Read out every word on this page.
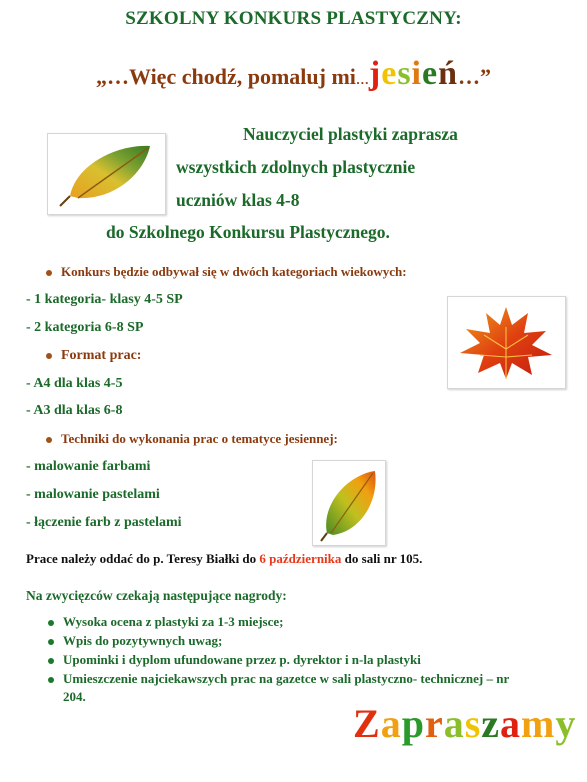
SZKOLNY KONKURS PLASTYCZNY:
„…Więc chodź, pomaluj mi…jesień…”
Nauczyciel plastyki zaprasza
wszystkich zdolnych plastycznie
uczniów klas 4-8
do Szkolnego Konkursu Plastycznego.
Konkurs będzie odbywał się w dwóch kategoriach wiekowych:
- 1 kategoria- klasy 4-5 SP
- 2 kategoria 6-8 SP
Format prac:
- A4 dla klas 4-5
- A3 dla klas 6-8
Techniki do wykonania prac o tematyce jesiennej:
- malowanie farbami
- malowanie pastelami
- łączenie farb z pastelami
Prace należy oddać do p. Teresy Białki do 6 października do sali nr 105.
Na zwycięzców czekają następujące nagrody:
Wysoka ocena z plastyki za 1-3 miejsce;
Wpis do pozytywnych uwag;
Upominki i dyplom ufundowane przez p. dyrektor i n-la plastyki
Umieszczenie najciekawszych prac na gazetce w sali plastyczno- technicznej – nr
204.
Zapraszamy
